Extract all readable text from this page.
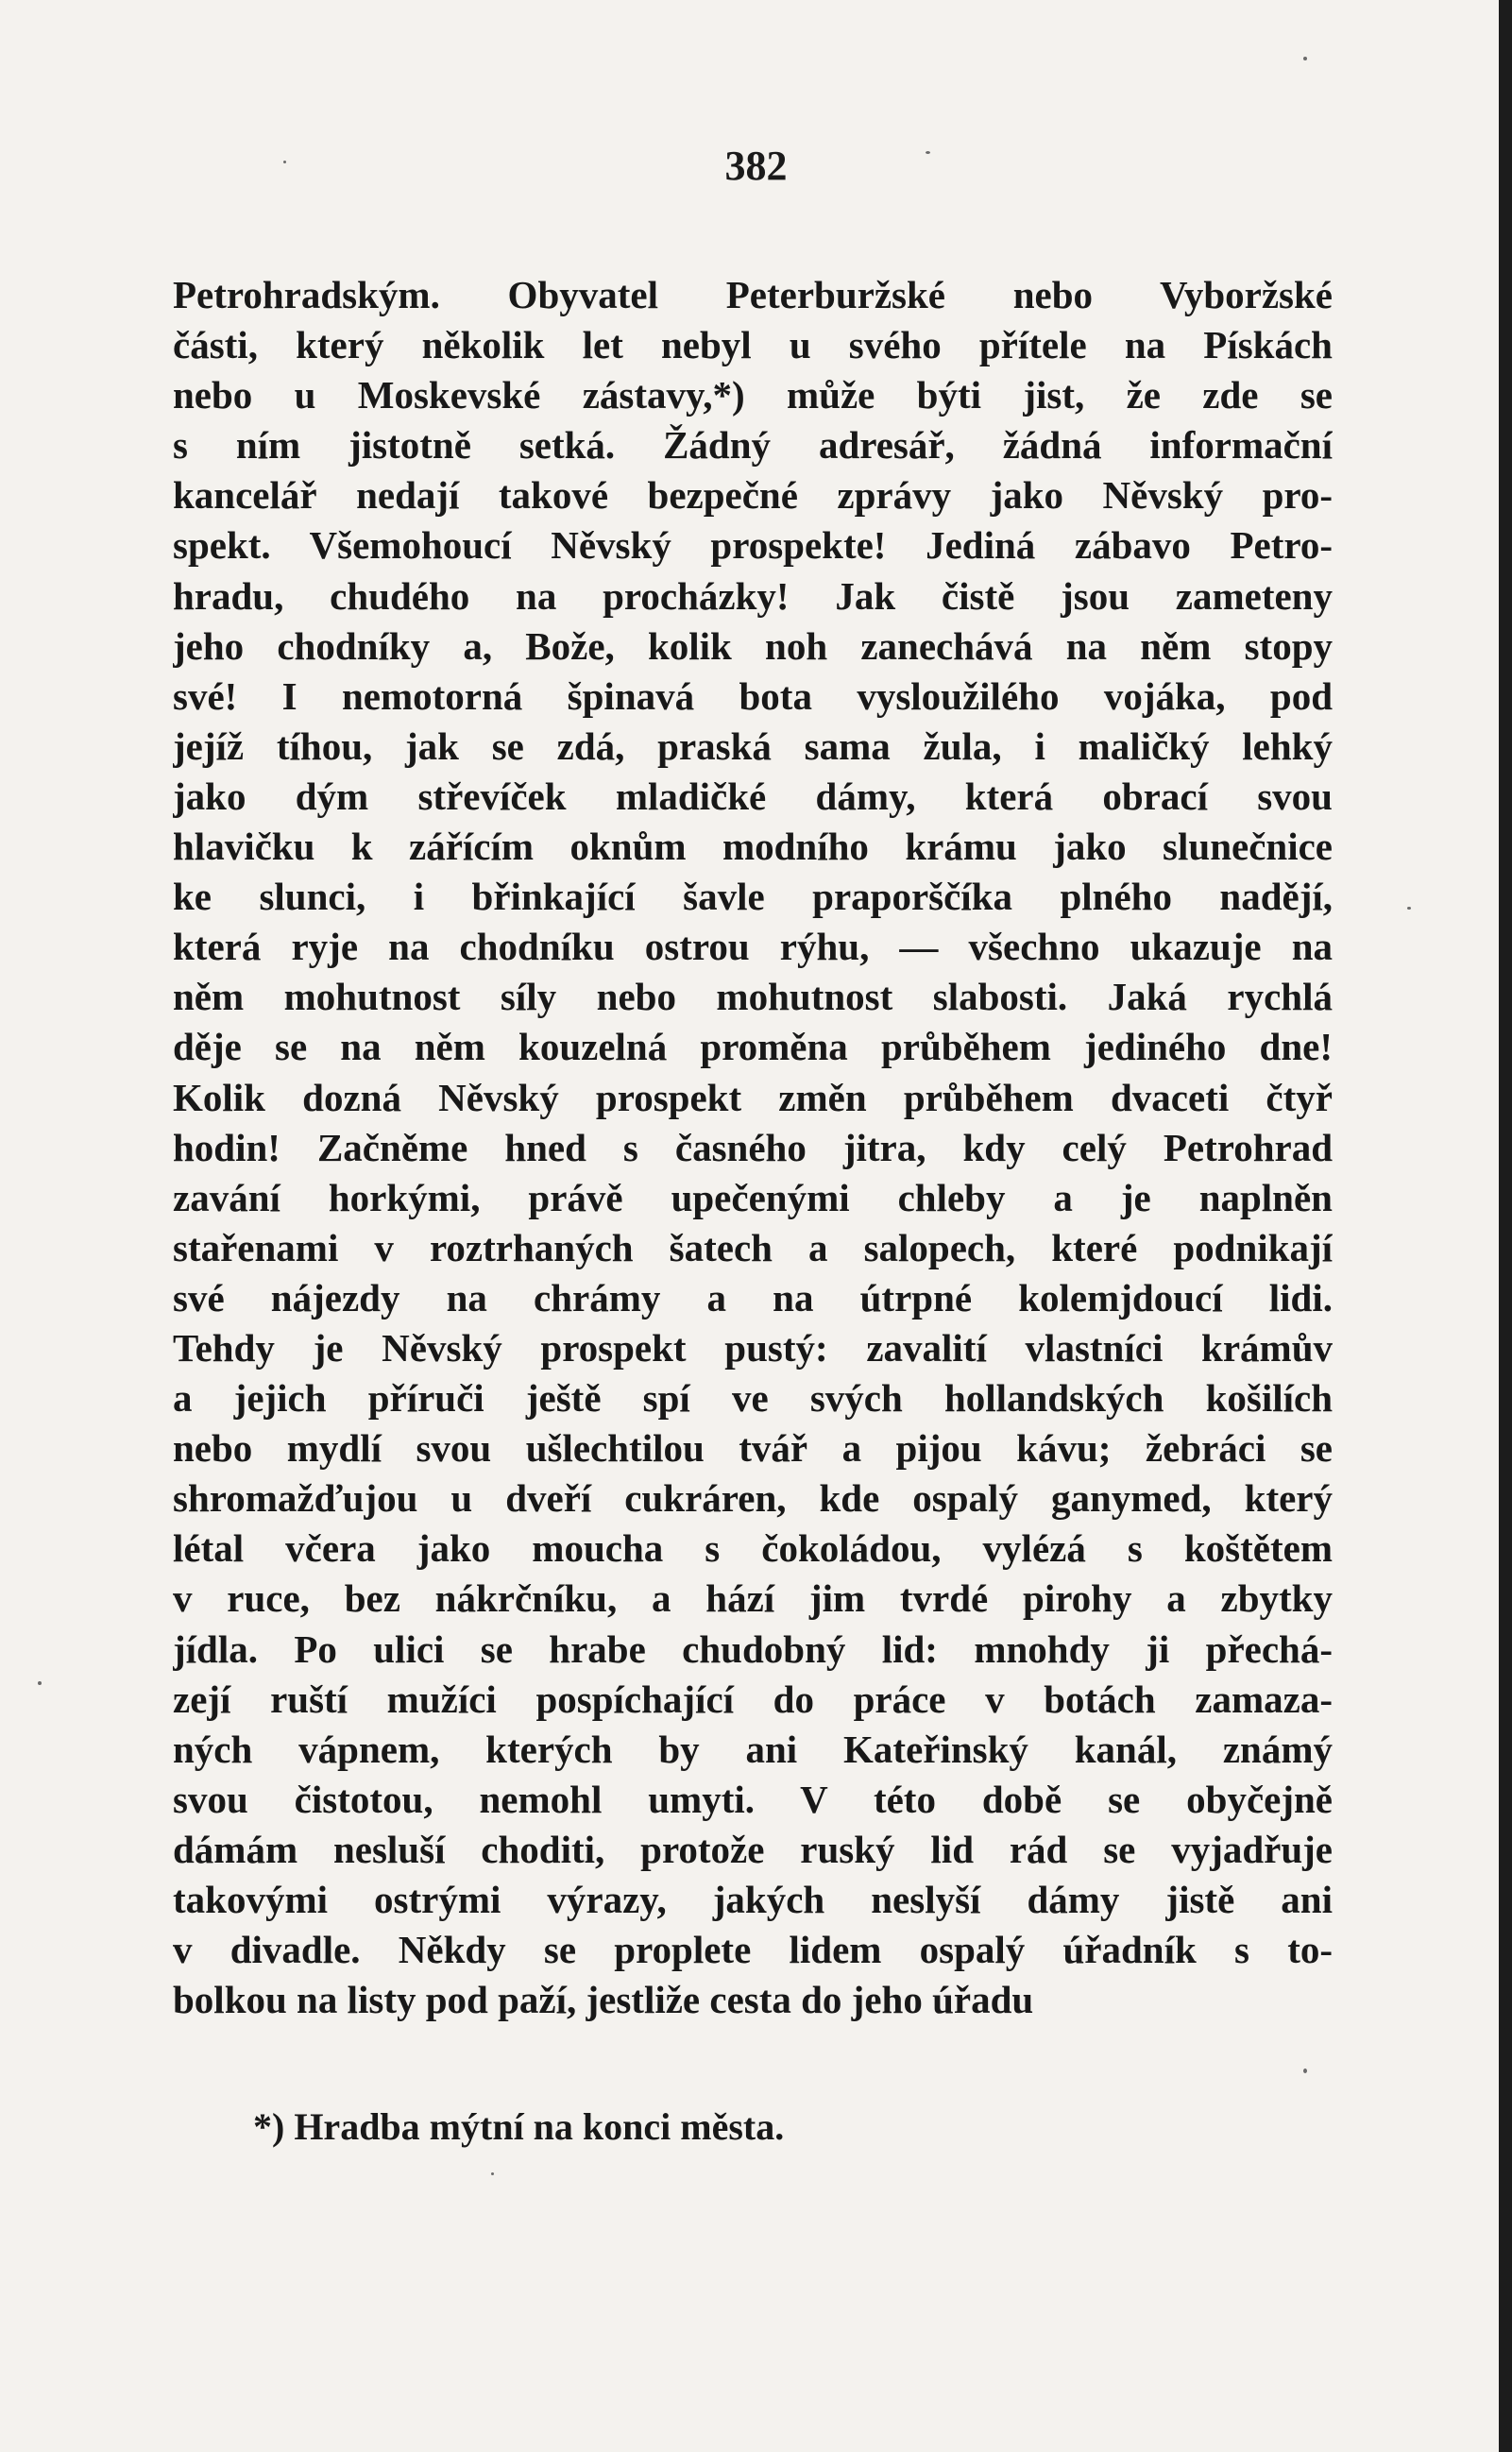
382
Petrohradským. Obyvatel Peterburžské nebo Vyboržské
části, který několik let nebyl u svého přítele na Pískách
nebo u Moskevské zástavy,*) může býti jist, že zde se
s ním jistotně setká. Žádný adresář, žádná informační
kancelář nedají takové bezpečné zprávy jako Něvský pro-
spekt. Všemohoucí Něvský prospekte! Jediná zábavo Petro-
hradu, chudého na procházky! Jak čistě jsou zameteny
jeho chodníky a, Bože, kolik noh zanechává na něm stopy
své! I nemotorná špinavá bota vysloužilého vojáka, pod
jejíž tíhou, jak se zdá, praská sama žula, i maličký lehký
jako dým střevíček mladičké dámy, která obrací svou
hlavičku k zářícím oknům modního krámu jako slunečnice
ke slunci, i břinkající šavle praporščíka plného nadějí,
která ryje na chodníku ostrou rýhu, — všechno ukazuje na
něm mohutnost síly nebo mohutnost slabosti. Jaká rychlá
děje se na něm kouzelná proměna průběhem jediného dne!
Kolik dozná Něvský prospekt změn průběhem dvaceti čtyř
hodin! Začněme hned s časného jitra, kdy celý Petrohrad
zavání horkými, právě upečenými chleby a je naplněn
stařenami v roztrhaných šatech a salopech, které podnikají
své nájezdy na chrámy a na útrpné kolemjdoucí lidi.
Tehdy je Něvský prospekt pustý: zavalití vlastníci krámův
a jejich příruči ještě spí ve svých hollandských košilích
nebo mydlí svou ušlechtilou tvář a pijou kávu; žebráci se
shromažďujou u dveří cukráren, kde ospalý ganymed, který
létal včera jako moucha s čokoládou, vylézá s koštětem
v ruce, bez nákrčníku, a hází jim tvrdé pirohy a zbytky
jídla. Po ulici se hrabe chudobný lid: mnohdy ji přechá-
zejí ruští mužíci pospíchající do práce v botách zamaza-
ných vápnem, kterých by ani Kateřinský kanál, známý
svou čistotou, nemohl umyti. V této době se obyčejně
dámám nesluší choditi, protože ruský lid rád se vyjadřuje
takovými ostrými výrazy, jakých neslyší dámy jistě ani
v divadle. Někdy se proplete lidem ospalý úřadník s to-
bolkou na listy pod paží, jestliže cesta do jeho úřadu
*) Hradba mýtní na konci města.
